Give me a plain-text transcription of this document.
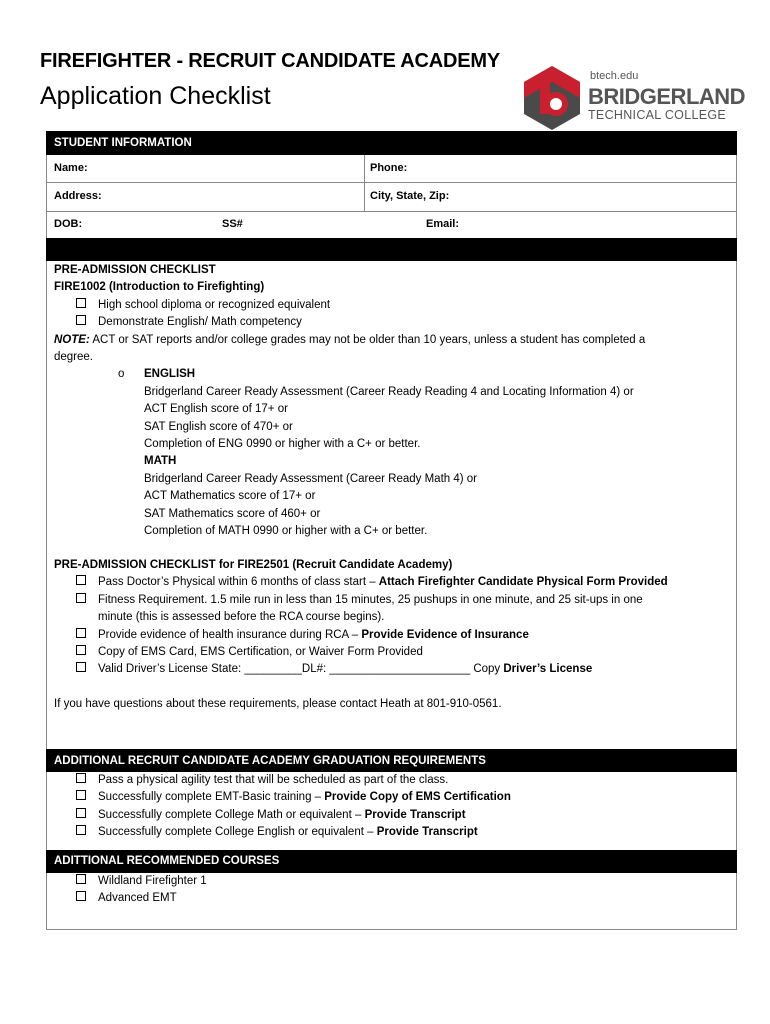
FIREFIGHTER - RECRUIT CANDIDATE ACADEMY
Application Checklist
btech.edu
BRIDGERLAND
TECHNICAL COLLEGE
STUDENT INFORMATION
Name:	Phone:
Address:	City, State, Zip:
DOB:	SS#	Email:
PRE-ADMISSION CHECKLIST
FIRE1002 (Introduction to Firefighting)
High school diploma or recognized equivalent
Demonstrate English/ Math competency
NOTE: ACT or SAT reports and/or college grades may not be older than 10 years, unless a student has completed a
degree.
o ENGLISH
Bridgerland Career Ready Assessment (Career Ready Reading 4 and Locating Information 4) or
ACT English score of 17+ or
SAT English score of 470+ or
Completion of ENG 0990 or higher with a C+ or better.
MATH
Bridgerland Career Ready Assessment (Career Ready Math 4) or
ACT Mathematics score of 17+ or
SAT Mathematics score of 460+ or
Completion of MATH 0990 or higher with a C+ or better.
PRE-ADMISSION CHECKLIST for FIRE2501 (Recruit Candidate Academy)
Pass Doctor’s Physical within 6 months of class start – Attach Firefighter Candidate Physical Form Provided
Fitness Requirement. 1.5 mile run in less than 15 minutes, 25 pushups in one minute, and 25 sit-ups in one
minute (this is assessed before the RCA course begins).
Provide evidence of health insurance during RCA – Provide Evidence of Insurance
Copy of EMS Card, EMS Certification, or Waiver Form Provided
Valid Driver’s License State: _________DL#: ______________________ Copy Driver’s License
If you have questions about these requirements, please contact Heath at 801-910-0561.
ADDITIONAL RECRUIT CANDIDATE ACADEMY GRADUATION REQUIREMENTS
Pass a physical agility test that will be scheduled as part of the class.
Successfully complete EMT-Basic training – Provide Copy of EMS Certification
Successfully complete College Math or equivalent – Provide Transcript
Successfully complete College English or equivalent – Provide Transcript
ADITTIONAL RECOMMENDED COURSES
Wildland Firefighter 1
Advanced EMT
